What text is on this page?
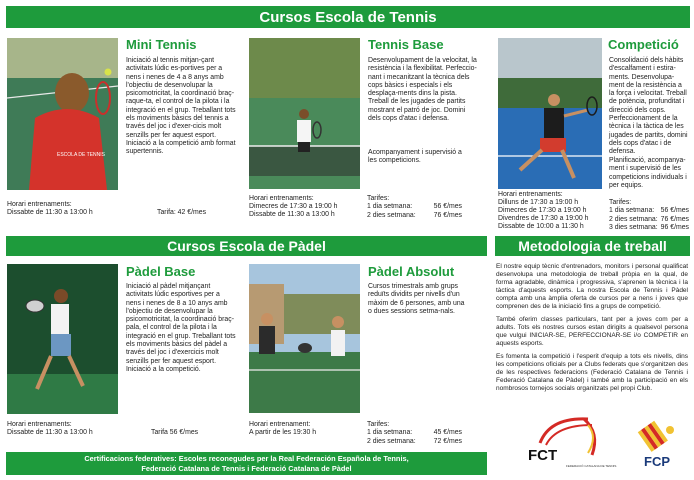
Cursos Escola de Tennis
ESCOLA DE TENNIS
Mini Tennis
Iniciació al tennis mitjan-çant activitats lúdic es-portives per a nens i nenes de 4 a 8 anys amb l'objectiu de desenvolupar la psicomotricitat, la coordinació braç-raque-ta, el control de la pilota i la integració en el grup. Treballant tots els moviments bàsics del tennis a través del joc i d'exer-cicis molt senzills per fer aquest esport. Iniciació a la competició amb format supertennis.
Horari entrenaments:
Dissabte de 11:30 a 13:00 h	Tarifa: 42 €/mes
Tennis Base
Desenvolupament de la velocitat, la resistència i la flexibilitat. Perfeccio-nant i mecanitzant la tècnica dels cops bàsics i especials i els desplaça-ments dins la pista. Treball de les jugades de partits mostrant el patró de joc. Domini dels cops d'atac i defensa.
Acompanyament i supervisió a les competicions.
Horari entrenaments:
Dimecres de 17:30 a 19:00 h
Dissabte de 11:30 a 13:00 h
Tarifes:
1 dia setmana:	56 €/mes
2 dies setmana:	76 €/mes
Competició
Consolidació dels hàbits d'escalfament i estira-ments. Desenvolupa-ment de la resistència a la força i velocitat. Treball de potència, profunditat i direcció dels cops. Perfeccionament de la tècnica i la tàctica de les jugades de partits, domini dels cops d'atac i de defensa.
Planificació, acompanya-ment i supervisió de les competicions individuals i per equips.
Horari entrenaments:
Dilluns de 17:30 a 19:00 h
Dimecres de 17:30 a 19:00 h
Divendres de 17:30 a 19:00 h
Dissabte de 10:00 a 11:30 h
Tarifes:
1 dia setmana: 56 €/mes
2 dies setmana: 76 €/mes
3 dies setmana: 96 €/mes
Cursos Escola de Pàdel	Metodologia de treball
Pàdel Base
Iniciació al pàdel mitjançant activitats lúdic esportives per a nens i nenes de 8 a 10 anys amb l'objectiu de desenvolupar la psicomotricitat, la coordinació braç-pala, el control de la pilota i la integració en el grup. Treballant tots els moviments bàsics del pàdel a través del joc i d'exercicis molt senzills per fer aquest esport. Iniciació a la competició.
Horari entrenaments:
Dissabte de 11:30 a 13:00 h	Tarifa 56 €/mes
Pàdel Absolut
Cursos trimestrals amb grups reduïts dividits per nivells d'un màxim de 6 persones, amb una o dues sessions setma-nals.
Horari entrenament:
A partir de les 19:30 h
Tarifes:
1 dia setmana:	45 €/mes
2 dies setmana:	72 €/mes

El nostre equip tècnic d'entrenadors, monitors i personal qualificat desenvolupa una metodologia de treball pròpia en la qual, de forma agradable, dinàmica i progressiva, s'aprenen la tècnica i la tàctica d'aquests esports. La nostra Escola de Tennis i Pàdel compta amb una àmplia oferta de cursos per a nens i joves que comprenen des de la iniciació fins a grups de competició.

També oferim classes particulars, tant per a joves com per a adults. Tots els nostres cursos estan dirigits a qualsevol persona que vulgui INICIAR-SE, PERFECCIONAR-SE i/o COMPETIR en aquests esports.

Es fomenta la competició i l'esperit d'equip a tots els nivells, dins les competicions oficials per a Clubs federats que s'organitzen des de les respectives federacions (Federació Catalana de Tennis i Federació Catalana de Pàdel) i també amb la participació en els nombrosos tornejos socials organitzats pel propi Club.

FCT
FEDERACIÓ CATALANA DE TENNIS FCP
Certificacions federatives: Escoles reconegudes per la Real Federación Española de Tennis,
Federació Catalana de Tennis i Federació Catalana de Pàdel
